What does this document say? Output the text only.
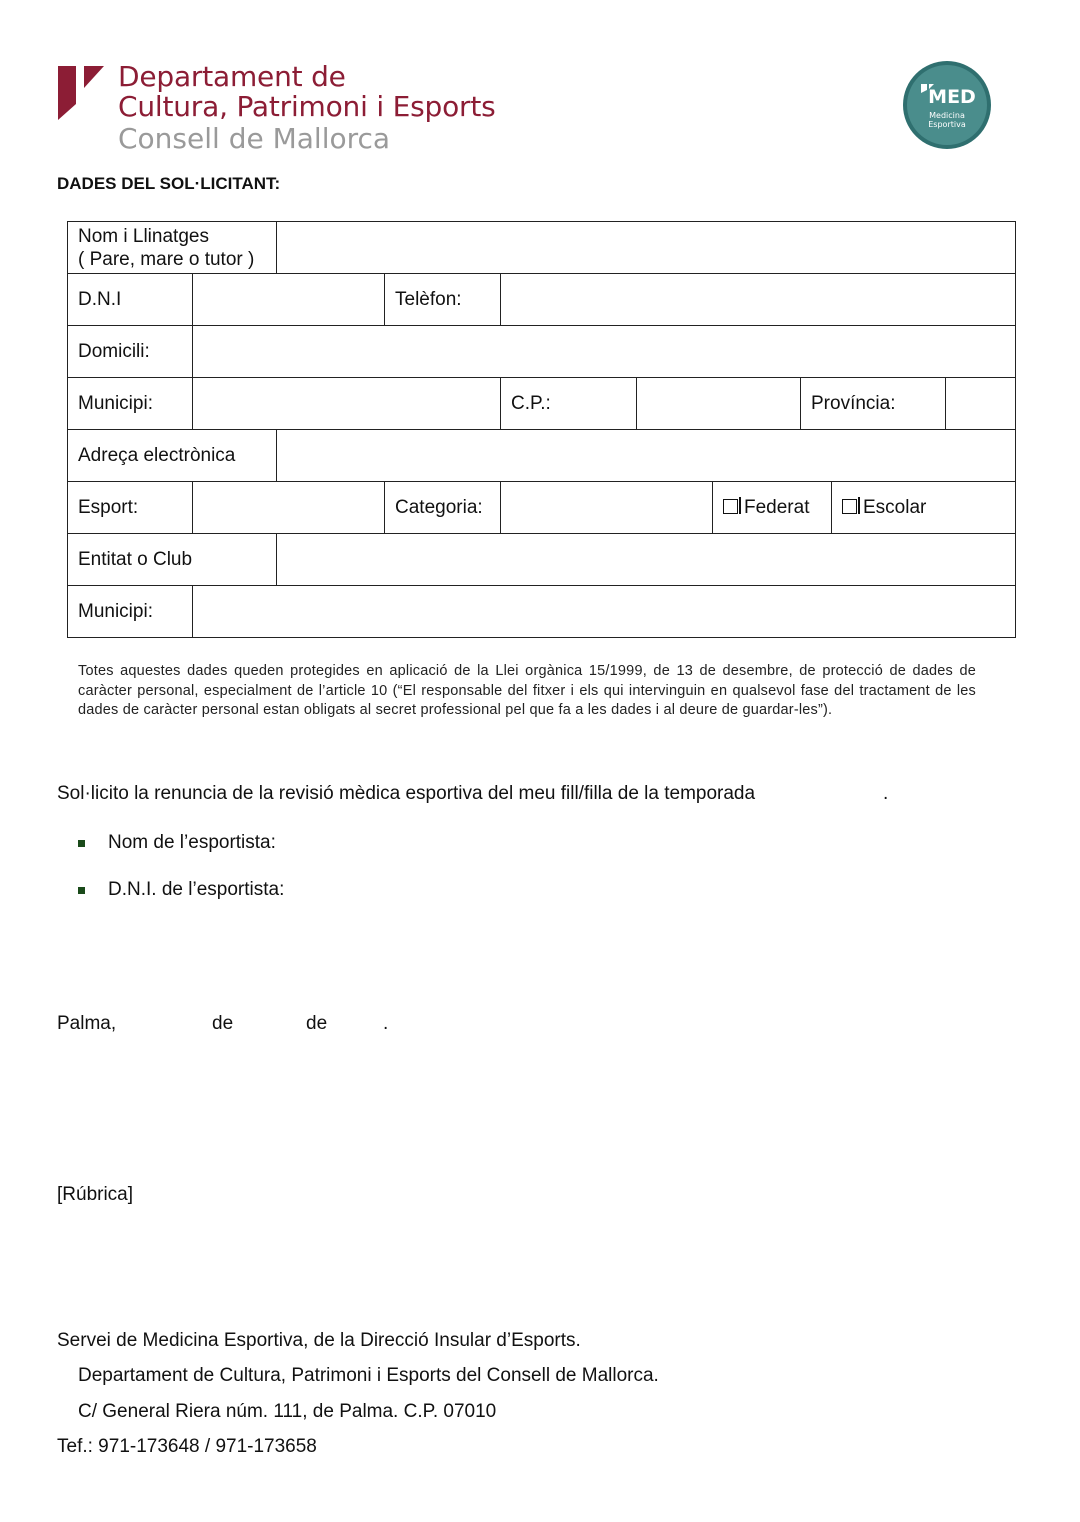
Departament de
Cultura, Patrimoni i Esports
Consell de Mallorca
MED
Medicina
Esportiva
DADES DEL SOL·LICITANT:
Nom i Llinatges
( Pare, mare o tutor )									

D.N.I			Telèfon:						
Domicili:									
Municipi:				C.P.:			Província:		
Adreça electrònica									
Esport:			Categoria:			Federat		Escolar	
Entitat o Club									
Municipi:									
Totes aquestes dades queden protegides en aplicació de la Llei orgànica 15/1999, de 13 de desembre, de protecció de dades de caràcter personal, especialment de l’article 10 (“El responsable del fitxer i els qui intervinguin en qualsevol fase del tractament de les dades de caràcter personal estan obligats al secret professional pel que fa a les dades i al deure de guardar-les”).
Sol·licito la renuncia de la revisió mèdica esportiva del meu fill/filla de la temporada	.
Nom de l’esportista:
D.N.I. de l’esportista:
Palma,	de	de	.
[Rúbrica]
Servei de Medicina Esportiva, de la Direcció Insular d’Esports.
Departament de Cultura, Patrimoni i Esports del Consell de Mallorca.
C/ General Riera núm. 111, de Palma. C.P. 07010
Tef.: 971-173648 / 971-173658
